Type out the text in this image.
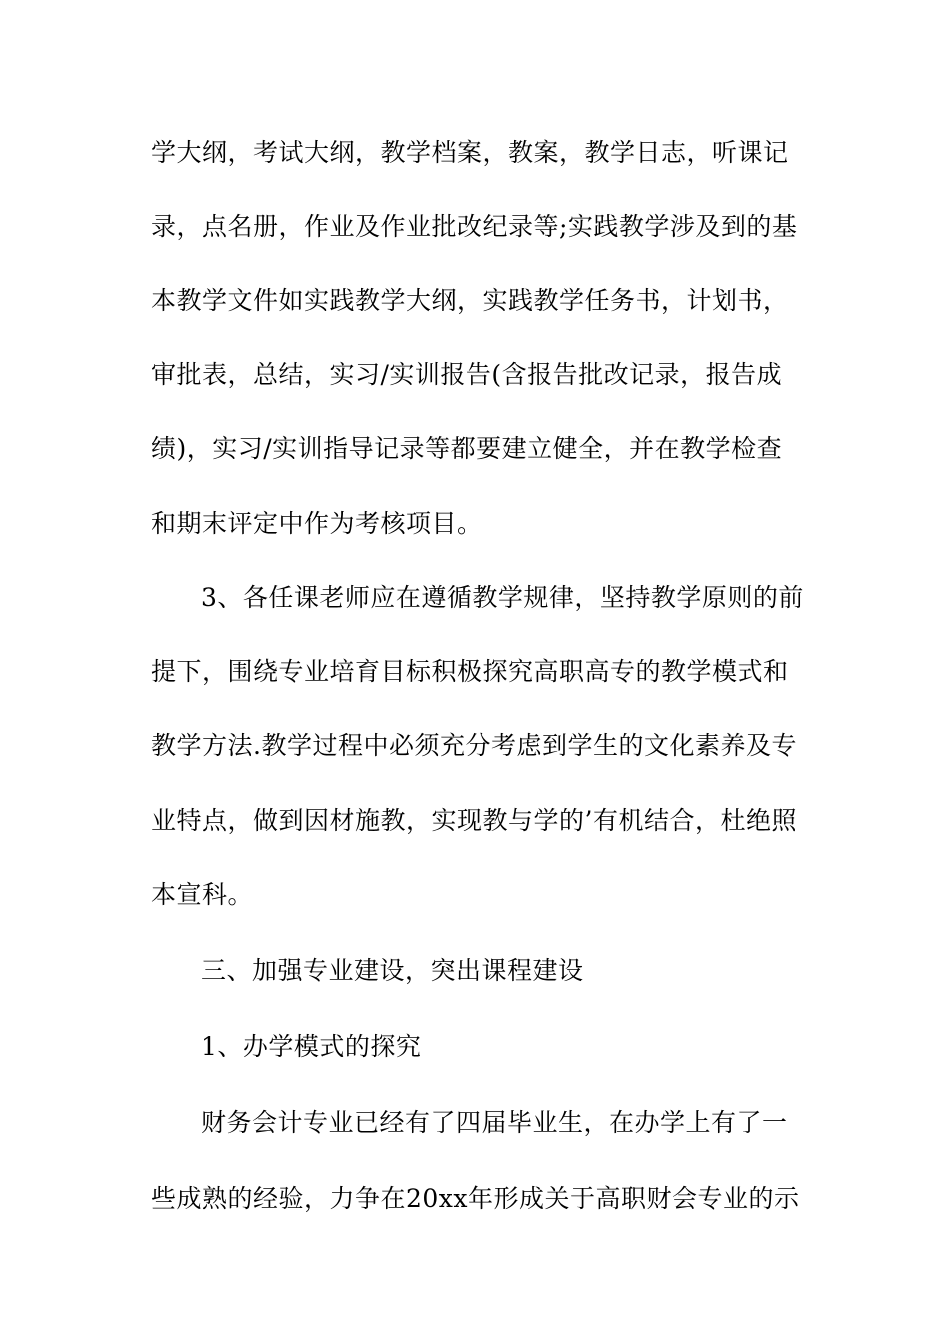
学大纲，考试大纲，教学档案，教案，教学日志，听课记
录，点名册，作业及作业批改纪录等;实践教学涉及到的基
本教学文件如实践教学大纲，实践教学任务书，计划书，
审批表，总结，实习/实训报告(含报告批改记录，报告成
绩)，实习/实训指导记录等都要建立健全，并在教学检查
和期末评定中作为考核项目。
3、各任课老师应在遵循教学规律，坚持教学原则的前
提下，围绕专业培育目标积极探究高职高专的教学模式和
教学方法.教学过程中必须充分考虑到学生的文化素养及专
业特点，做到因材施教，实现教与学的’有机结合，杜绝照
本宣科。
三、加强专业建设，突出课程建设
1、办学模式的探究
财务会计专业已经有了四届毕业生，在办学上有了一
些成熟的经验，力争在20xx年形成关于高职财会专业的示
